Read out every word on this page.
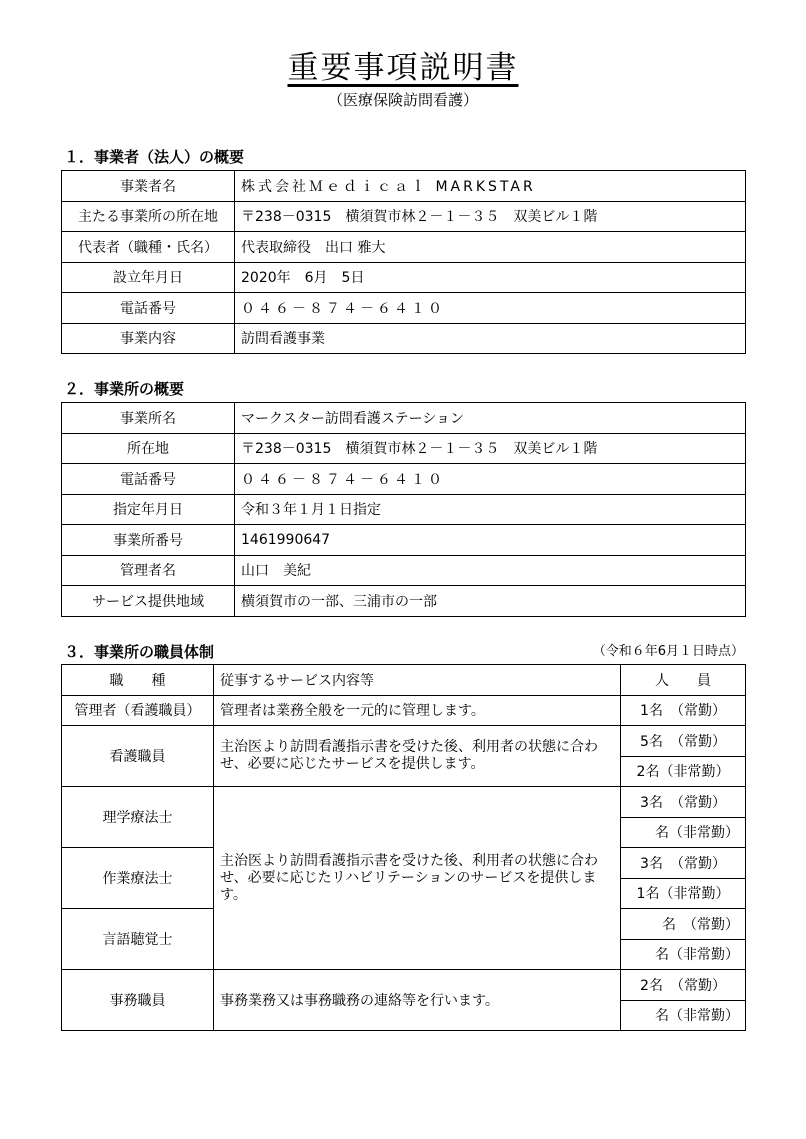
重要事項説明書
（医療保険訪問看護）
１．事業者（法人）の概要
事業者名	株式会社Ｍｅｄｉｃａｌ MARKSTAR
主たる事業所の所在地	〒238－0315　横須賀市林２－１－３５　双美ビル１階
代表者（職種・氏名）	代表取締役　出口 雅大
設立年月日	2020年　6月　5日
電話番号	０４６－８７４－６４１０
事業内容	訪問看護事業
２．事業所の概要
事業所名	マークスター訪問看護ステーション
所在地	〒238－0315　横須賀市林２－１－３５　双美ビル１階
電話番号	０４６－８７４－６４１０
指定年月日	令和３年１月１日指定
事業所番号	1461990647
管理者名	山口　美紀
サービス提供地域	横須賀市の一部、三浦市の一部
３．事業所の職員体制	（令和６年6月１日時点）
職　　種	従事するサービス内容等	人　　員
管理者（看護職員）	管理者は業務全般を一元的に管理します。	1名　（常勤）
看護職員	主治医より訪問看護指示書を受けた後、利用者の状態に合わせ、必要に応じたサービスを提供します。	5名　（常勤）
		2名（非常勤）
理学療法士	主治医より訪問看護指示書を受けた後、利用者の状態に合わせ、必要に応じたリハビリテーションのサービスを提供します。	3名　（常勤）
		名（非常勤）
作業療法士		3名　（常勤）
		1名（非常勤）
言語聴覚士		名　（常勤）
		名（非常勤）
事務職員	事務業務又は事務職務の連絡等を行います。	2名　（常勤）
		名（非常勤）
